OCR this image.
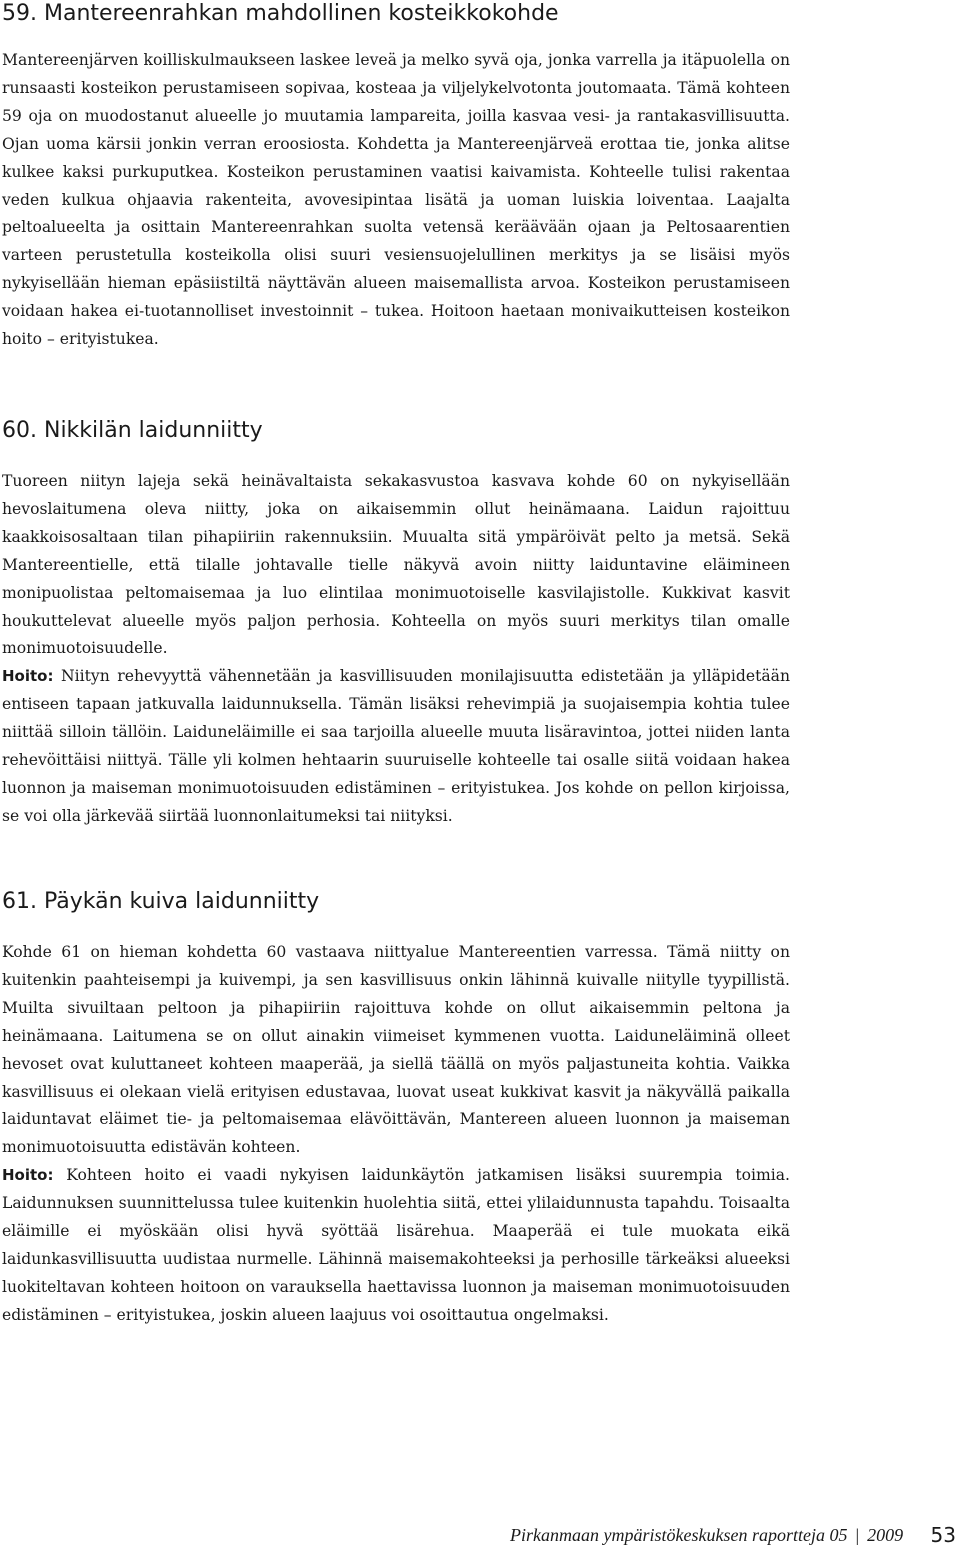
59. Mantereenrahkan mahdollinen kosteikkokohde

Mantereenjärven koilliskulmaukseen laskee leveä ja melko syvä oja, jonka varrella ja itäpuolella on runsaasti kosteikon perustamiseen sopivaa, kosteaa ja viljelykelvotonta joutomaata. Tämä kohteen 59 oja on muodostanut alueelle jo muutamia lampareita, joilla kasvaa vesi- ja rantakasvillisuutta. Ojan uoma kärsii jonkin verran eroosiosta. Kohdetta ja Mantereenjärveä erottaa tie, jonka alitse kulkee kaksi purkuputkea. Kosteikon perustaminen vaatisi kaivamista. Kohteelle tulisi rakentaa veden kulkua ohjaavia rakenteita, avovesipintaa lisätä ja uoman luiskia loiventaa. Laajalta peltoalueelta ja osittain Mantereenrahkan suolta vetensä keräävään ojaan ja Peltosaarentien varteen perustetulla kosteikolla olisi suuri vesiensuojelullinen merkitys ja se lisäisi myös nykyisellään hieman epäsiistiltä näyttävän alueen maisemallista arvoa. Kosteikon perustamiseen voidaan hakea ei-tuotannolliset investoinnit – tukea. Hoitoon haetaan monivaikutteisen kosteikon hoito – erityistukea.

60. Nikkilän laidunniitty

Tuoreen niityn lajeja sekä heinävaltaista sekakasvustoa kasvava kohde 60 on nykyisellään hevoslaitumena oleva niitty, joka on aikaisemmin ollut heinämaana. Laidun rajoittuu kaakkoisosaltaan tilan pihapiiriin rakennuksiin. Muualta sitä ympäröivät pelto ja metsä. Sekä Mantereentielle, että tilalle johtavalle tielle näkyvä avoin niitty laiduntavine eläimineen monipuolistaa peltomaisemaa ja luo elintilaa monimuotoiselle kasvilajistolle. Kukkivat kasvit houkuttelevat alueelle myös paljon perhosia. Kohteella on myös suuri merkitys tilan omalle monimuotoisuudelle.

Hoito: Niityn rehevyyttä vähennetään ja kasvillisuuden monilajisuutta edistetään ja ylläpidetään entiseen tapaan jatkuvalla laidunnuksella. Tämän lisäksi rehevimpiä ja suojaisempia kohtia tulee niittää silloin tällöin. Laiduneläimille ei saa tarjoilla alueelle muuta lisäravintoa, jottei niiden lanta rehevöittäisi niittyä. Tälle yli kolmen hehtaarin suuruiselle kohteelle tai osalle siitä voidaan hakea luonnon ja maiseman monimuotoisuuden edistäminen – erityistukea. Jos kohde on pellon kirjoissa, se voi olla järkevää siirtää luonnonlaitumeksi tai niityksi.

61. Päykän kuiva laidunniitty

Kohde 61 on hieman kohdetta 60 vastaava niittyalue Mantereentien varressa. Tämä niitty on kuitenkin paahteisempi ja kuivempi, ja sen kasvillisuus onkin lähinnä kuivalle niitylle tyypillistä. Muilta sivuiltaan peltoon ja pihapiiriin rajoittuva kohde on ollut aikaisemmin peltona ja heinämaana. Laitumena se on ollut ainakin viimeiset kymmenen vuotta. Laiduneläiminä olleet hevoset ovat kuluttaneet kohteen maaperää, ja siellä täällä on myös paljastuneita kohtia. Vaikka kasvillisuus ei olekaan vielä erityisen edustavaa, luovat useat kukkivat kasvit ja näkyvällä paikalla laiduntavat eläimet tie- ja peltomaisemaa elävöittävän, Mantereen alueen luonnon ja maiseman monimuotoisuutta edistävän kohteen.

Hoito: Kohteen hoito ei vaadi nykyisen laidunkäytön jatkamisen lisäksi suurempia toimia. Laidunnuksen suunnittelussa tulee kuitenkin huolehtia siitä, ettei ylilaidunnusta tapahdu. Toisaalta eläimille ei myöskään olisi hyvä syöttää lisärehua. Maaperää ei tule muokata eikä laidunkasvillisuutta uudistaa nurmelle. Lähinnä maisemakohteeksi ja perhosille tärkeäksi alueeksi luokiteltavan kohteen hoitoon on varauksella haettavissa luonnon ja maiseman monimuotoisuuden edistäminen – erityistukea, joskin alueen laajuus voi osoittautua ongelmaksi.

Pirkanmaan ympäristökeskuksen raportteja 05 | 2009	53
